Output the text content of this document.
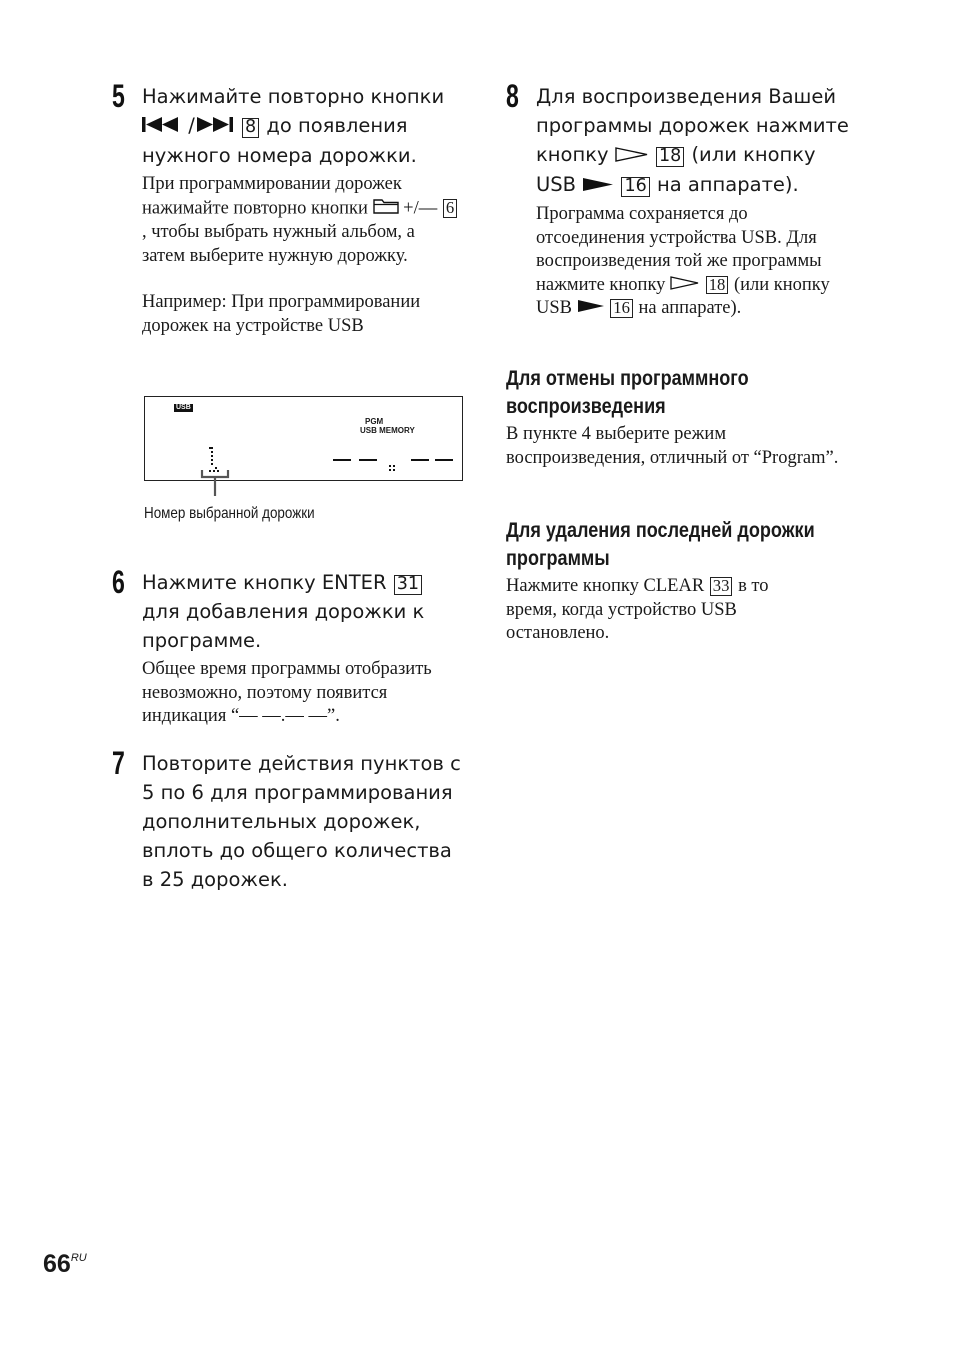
5 Нажимайте повторно кнопки
/	8 до появления нужного номера дорожки.

При программировании дорожек нажимайте повторно кнопки +/— 6, чтобы выбрать нужный альбом, а затем выберите нужную дорожку.

Например: При программировании дорожек на устройстве USB

USB
PGM
USB MEMORY
Номер выбранной дорожки
6 Нажмите кнопку ENTER 31 для добавления дорожки к программе.

Общее время программы отобразить невозможно, поэтому появится индикация “— —.— —”.

7 Повторите действия пунктов с 5 по 6 для программирования дополнительных дорожек, вплоть до общего количества в 25 дорожек.
8 Для воспроизведения Вашей программы дорожек нажмите кнопку	18 (или кнопку USB	16 на аппарате).

Программа сохраняется до отсоединения устройства USB. Для воспроизведения той же программы нажмите кнопку	18 (или кнопку USB 16 на аппарате).

Для отмены программного воспроизведения
В пункте 4 выберите режим воспроизведения, отличный от “Program”.
Для удаления последней дорожки программы
Нажмите кнопку CLEAR 33 в то время, когда устройство USB остановлено.
$66^{RU}$
